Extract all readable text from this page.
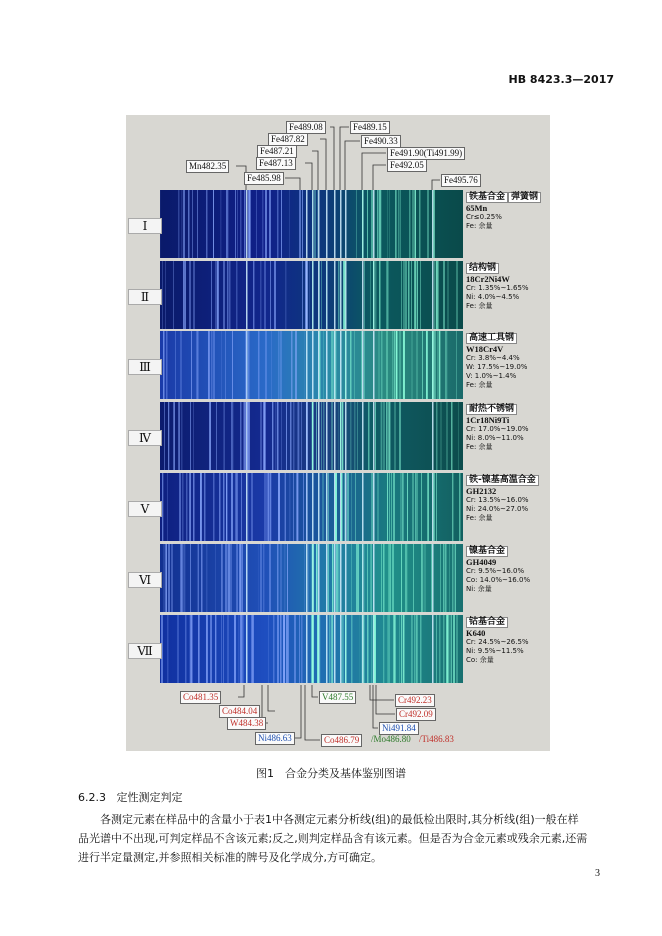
HB 8423.3—2017
Fe489.08	Fe489.15
Fe487.82	Fe490.33
Fe487.21	Fe491.90(Ti491.99)
Mn482.35	Fe487.13	Fe492.05
Fe485.98	Fe495.76
Co481.35	V487.55	Cr492.23
Co484.04	Cr492.09
W484.38	Ni491.84
Ni486.63	Co486.79	/Mo486.80 /Ti486.83
Ⅰ
铁基合金 弹簧钢
65Mn
Cr≤0.25%
Fe: 余量
Ⅱ
结构钢
18Cr2Ni4W
Cr: 1.35%~1.65%
Ni: 4.0%~4.5%
Fe: 余量
Ⅲ
高速工具钢
W18Cr4V
Cr: 3.8%~4.4%
W: 17.5%~19.0%
V: 1.0%~1.4%
Fe: 余量
Ⅳ
耐热不锈钢
1Cr18Ni9Ti
Cr: 17.0%~19.0%
Ni: 8.0%~11.0%
Fe: 余量
Ⅴ
铁-镍基高温合金
GH2132
Cr: 13.5%~16.0%
Ni: 24.0%~27.0%
Fe: 余量
Ⅵ
镍基合金
GH4049
Cr: 9.5%~16.0%
Co: 14.0%~16.0%
Ni: 余量
Ⅶ
钴基合金
K640
Cr: 24.5%~26.5%
Ni: 9.5%~11.5%
Co: 余量
图1　合金分类及基体鉴别图谱
6.2.3 定性测定判定
各测定元素在样品中的含量小于表1中各测定元素分析线(组)的最低检出限时,其分析线(组)一般在样品光谱中不出现,可判定样品不含该元素;反之,则判定样品含有该元素。但是否为合金元素或残余元素,还需进行半定量测定,并参照相关标准的牌号及化学成分,方可确定。
3
